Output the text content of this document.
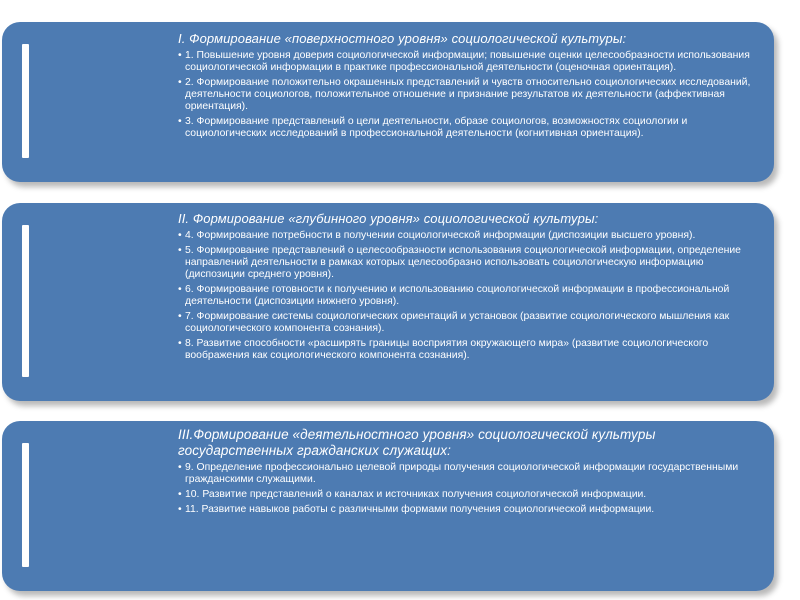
I. Формирование «поверхностного уровня» социологической культуры:
• 1. Повышение уровня доверия социологической информации; повышение оценки целесообразности использования социологической информации в практике профессиональной деятельности (оценочная ориентация).
• 2. Формирование положительно окрашенных представлений и чувств относительно социологических исследований, деятельности социологов, положительное отношение и признание результатов их деятельности (аффективная ориентация).
• 3. Формирование представлений о цели деятельности, образе социологов, возможностях социологии и социологических исследований в профессиональной деятельности (когнитивная ориентация).
II. Формирование «глубинного уровня» социологической культуры:
• 4. Формирование потребности в получении социологической информации (диспозиции высшего уровня).
• 5. Формирование представлений о целесообразности использования социологической информации, определение направлений деятельности в рамках которых целесообразно использовать социологическую информацию (диспозиции среднего уровня).
• 6. Формирование готовности к получению и использованию социологической информации в профессиональной деятельности (диспозиции нижнего уровня).
• 7. Формирование системы социологических ориентаций и установок (развитие социологического мышления как социологического компонента сознания).
• 8. Развитие способности «расширять границы восприятия окружающего мира» (развитие социологического воображения как социологического компонента сознания).
III.Формирование «деятельностного уровня» социологической культуры государственных гражданских служащих:
• 9. Определение профессионально целевой природы получения социологической информации государственными гражданскими служащими.
• 10. Развитие представлений о каналах и источниках получения социологической информации.
• 11. Развитие навыков работы с различными формами получения социологической информации.
